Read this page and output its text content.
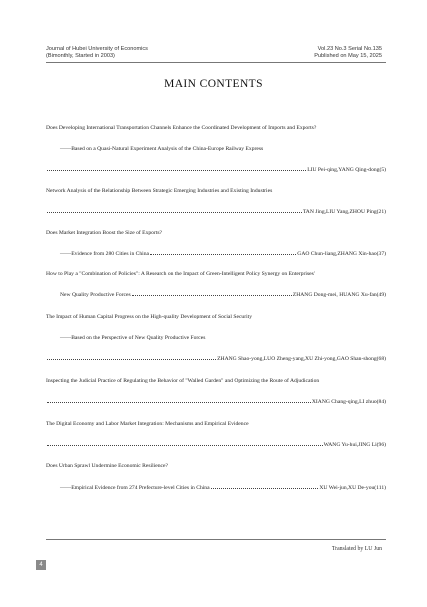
Journal of Hubei University of Economics
(Bimonthly, Started in 2003)
Vol.23 No.3 Serial No.135
Published on May 15, 2025
MAIN CONTENTS
Does Developing International Transportation Channels Enhance the Coordinated Development of Imports and Exports?
——Based on a Quasi-Natural Experiment Analysis of the China-Europe Railway Express
LIU Pei-qing,YANG Qing-dong(5)
Network Analysis of the Relationship Between Strategic Emerging Industries and Existing Industries
TAN Jing,LIU Yang,ZHOU Ping(21)
Does Market Integration Boost the Size of Exports?
——Evidence from 280 Cities in China	GAO Chun-liang,ZHANG Xin-hao(37)
How to Play a "Combination of Policies": A Research on the Impact of Green-Intelligent Policy Synergy on Enterprises'
New Quality Productive Forces	ZHANG Dong-mei, HUANG Xu-fan(49)
The Impact of Human Capital Progress on the High-quality Development of Social Security
——Based on the Perspective of New Quality Productive Forces
ZHANG Shao-yong,LUO Zheng-yang,XU Zhi-yong,GAO Shan-shong(68)
Inspecting the Judicial Practice of Regulating the Behavior of "Walled Garden" and Optimizing the Route of Adjudication
XIANG Chang-qing,LI zhuo(84)
The Digital Economy and Labor Market Integration: Mechanisms and Empirical Evidence
WANG Yu-hui,JING Li(96)
Does Urban Sprawl Undermine Economic Resilience?
——Empirical Evidence from 274 Prefecture-level Cities in China	XU Wei-jun,XU De-you(111)
Translated by LU Jun
4
